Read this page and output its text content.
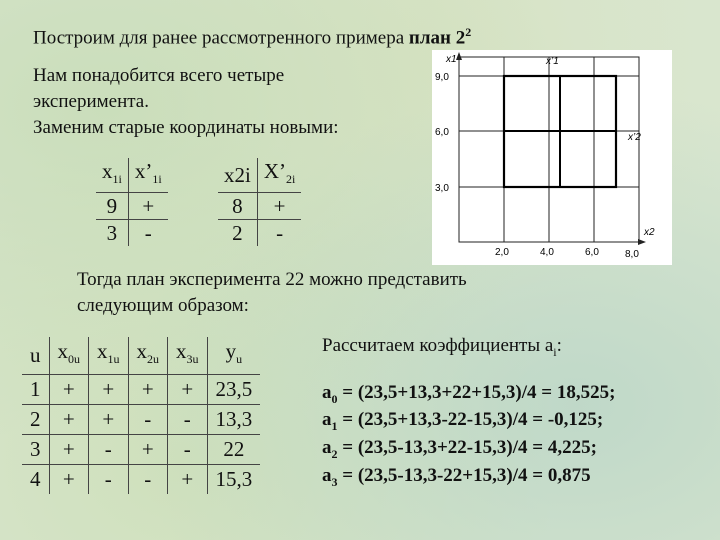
Построим для ранее рассмотренного примера план $2^2$
Нам понадобится всего четыре
эксперимента.
Заменим старые координаты новыми:
$x_{1i}$	$x’_{1i}$
9	+
3	-
x2i	$X’_{2i}$
8	+
2	-
9,0
6,0
3,0
2,0	4,0	6,0	8,0
x1	x’1
x2
x’2
Тогда план эксперимента 22 можно представить
следующим образом:
u	$x_{0u}$	$x_{1u}$	$x_{2u}$	$x_{3u}$	$y_u$
1	+	+	+	+	23,5
2	+	+	-	-	13,3
3	+	-	+	-	22
4	+	-	-	+	15,3
Рассчитаем коэффициенты $a_i$:
$a_0 = (23,5+13,3+22+15,3)/4 = 18,525$;
$a_1 = (23,5+13,3-22-15,3)/4 = -0,125$;
$a_2 = (23,5-13,3+22-15,3)/4 = 4,225$;
$a_3 = (23,5-13,3-22+15,3)/4 = 0,875$
